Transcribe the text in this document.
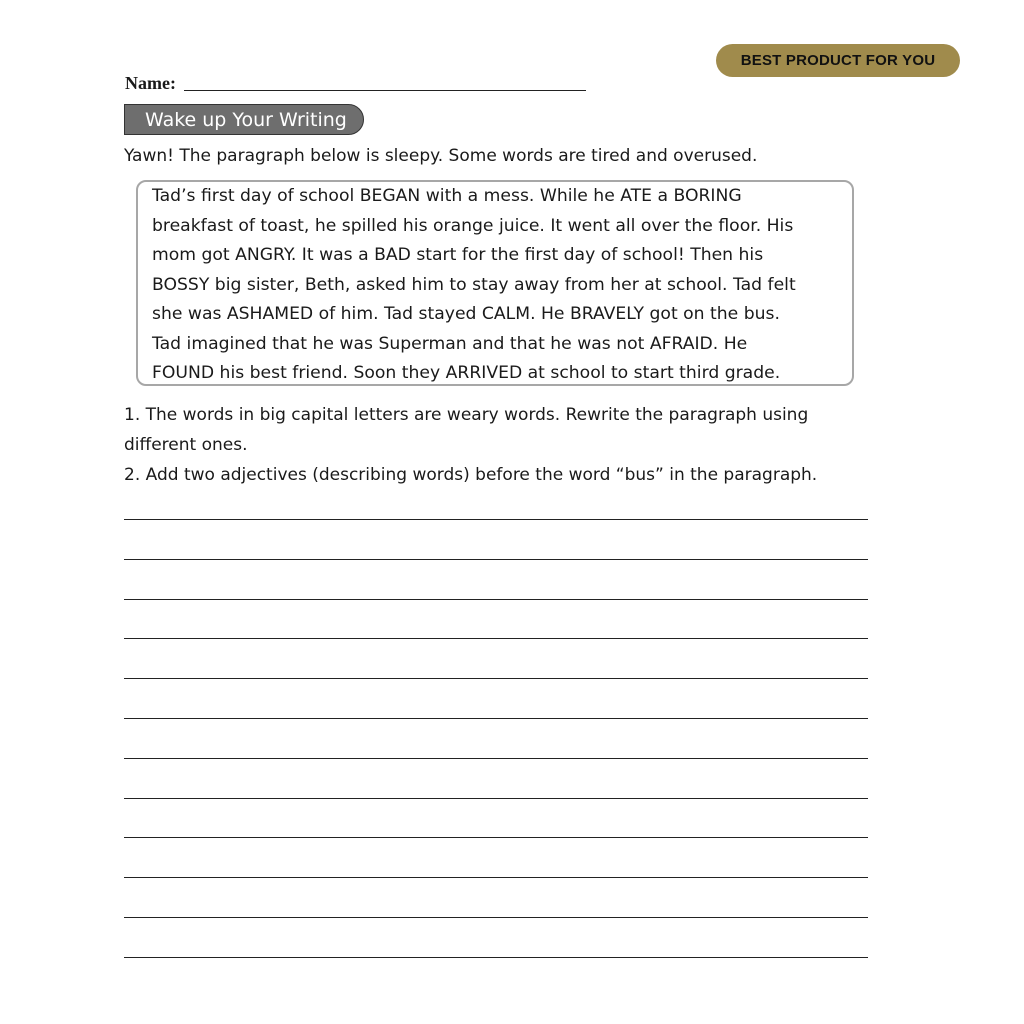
BEST PRODUCT FOR YOU
Name:
Wake up Your Writing
Yawn! The paragraph below is sleepy. Some words are tired and overused.
Tad’s first day of school BEGAN with a mess. While he ATE a BORING
breakfast of toast, he spilled his orange juice. It went all over the floor. His
mom got ANGRY. It was a BAD start for the first day of school! Then his
BOSSY big sister, Beth, asked him to stay away from her at school. Tad felt
she was ASHAMED of him. Tad stayed CALM. He BRAVELY got on the bus.
Tad imagined that he was Superman and that he was not AFRAID. He
FOUND his best friend. Soon they ARRIVED at school to start third grade.
1. The words in big capital letters are weary words. Rewrite the paragraph using
different ones.
2. Add two adjectives (describing words) before the word “bus” in the paragraph.
